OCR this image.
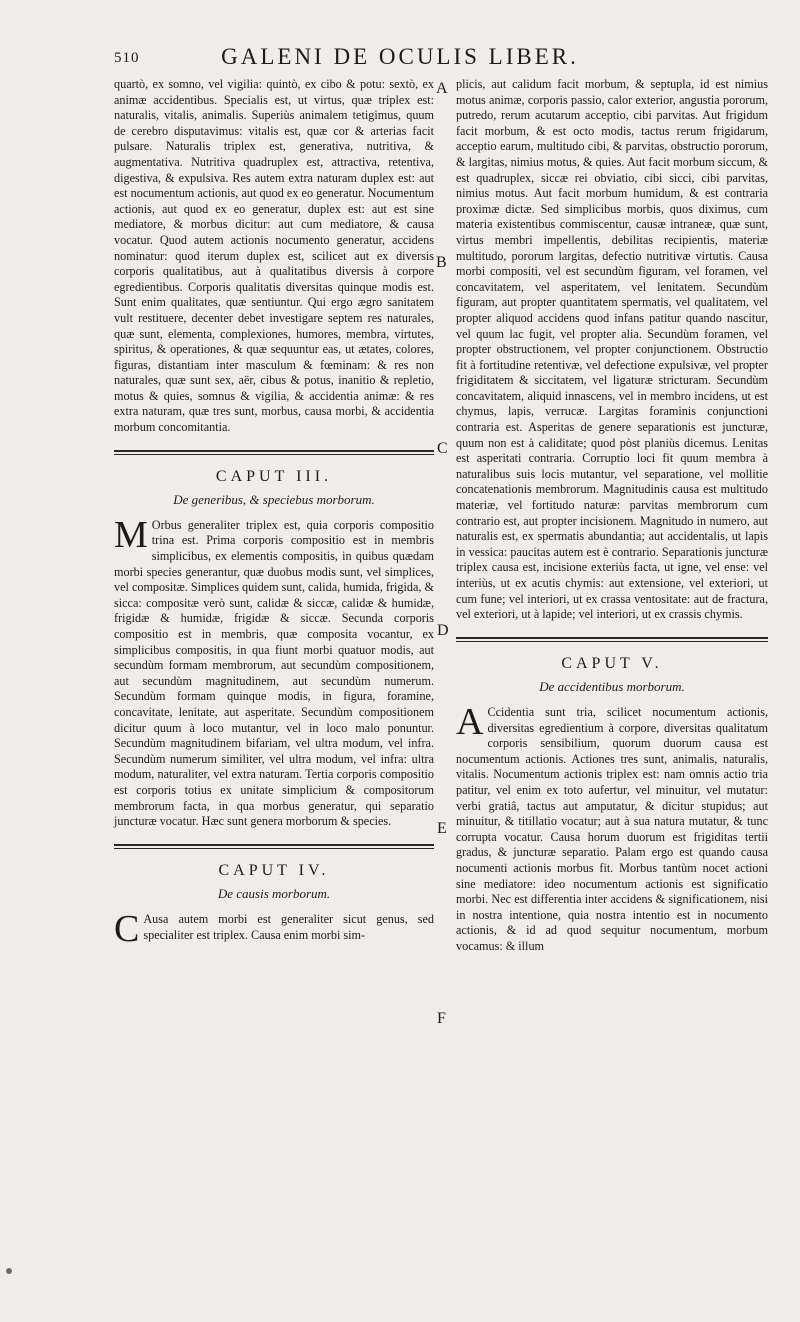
510	GALENI DE OCULIS LIBER.
A
B
C
D
E
F

quartò, ex somno, vel vigilia: quintò, ex cibo & potu: sextò, ex animæ accidentibus. Specialis est, ut virtus, quæ triplex est: naturalis, vitalis, animalis. Superiùs animalem tetigimus, quum de cerebro disputavimus: vitalis est, quæ cor & arterias facit pulsare. Naturalis triplex est, generativa, nutritiva, & augmentativa. Nutritiva quadruplex est, attractiva, retentiva, digestiva, & expulsiva. Res autem extra naturam duplex est: aut est nocumentum actionis, aut quod ex eo generatur. Nocumentum actionis, aut quod ex eo generatur, duplex est: aut est sine mediatore, & morbus dicitur: aut cum mediatore, & causa vocatur. Quod autem actionis nocumento generatur, accidens nominatur: quod iterum duplex est, scilicet aut ex diversis corporis qualitatibus, aut à qualitatibus diversis à corpore egredientibus. Corporis qualitatis diversitas quinque modis est. Sunt enim qualitates, quæ sentiuntur. Qui ergo ægro sanitatem vult restituere, decenter debet investigare septem res naturales, quæ sunt, elementa, complexiones, humores, membra, virtutes, spiritus, & operationes, & quæ sequuntur eas, ut ætates, colores, figuras, distantiam inter masculum & fœminam: & res non naturales, quæ sunt sex, aër, cibus & potus, inanitio & repletio, motus & quies, somnus & vigilia, & accidentia animæ: & res extra naturam, quæ tres sunt, morbus, causa morbi, & accidentia morbum concomitantia.

CAPUT III.
De generibus, & speciebus morborum.

M Orbus generaliter triplex est, quia corporis compositio trina est. Prima corporis compositio est in membris simplicibus, ex elementis compositis, in quibus quædam morbi species generantur, quæ duobus modis sunt, vel simplices, vel compositæ. Simplices quidem sunt, calida, humida, frigida, & sicca: compositæ verò sunt, calidæ & siccæ, calidæ & humidæ, frigidæ & humidæ, frigidæ & siccæ. Secunda corporis compositio est in membris, quæ composita vocantur, ex simplicibus compositis, in qua fiunt morbi quatuor modis, aut secundùm formam membrorum, aut secundùm compositionem, aut secundùm magnitudinem, aut secundùm numerum. Secundùm formam quinque modis, in figura, foramine, concavitate, lenitate, aut asperitate. Secundùm compositionem dicitur quum à loco mutantur, vel in loco malo ponuntur. Secundùm magnitudinem bifariam, vel ultra modum, vel infra. Secundùm numerum similiter, vel ultra modum, vel infra: ultra modum, naturaliter, vel extra naturam. Tertia corporis compositio est corporis totius ex unitate simplicium & compositorum membrorum facta, in qua morbus generatur, qui separatio juncturæ vocatur. Hæc sunt genera morborum & species.

CAPUT IV.
De causis morborum.

C Ausa autem morbi est generaliter sicut genus, sed specialiter est triplex. Causa enim morbi sim-

plicis, aut calidum facit morbum, & septupla, id est nimius motus animæ, corporis passio, calor exterior, angustia pororum, putredo, rerum acutarum acceptio, cibi parvitas. Aut frigidum facit morbum, & est octo modis, tactus rerum frigidarum, acceptio earum, multitudo cibi, & parvitas, obstructio pororum, & largitas, nimius motus, & quies. Aut facit morbum siccum, & est quadruplex, siccæ rei obviatio, cibi sicci, cibi parvitas, nimius motus. Aut facit morbum humidum, & est contraria proximæ dictæ. Sed simplicibus morbis, quos diximus, cum materia existentibus commiscentur, causæ intraneæ, quæ sunt, virtus membri impellentis, debilitas recipientis, materiæ multitudo, pororum largitas, defectio nutritivæ virtutis. Causa morbi compositi, vel est secundùm figuram, vel foramen, vel concavitatem, vel asperitatem, vel lenitatem. Secundùm figuram, aut propter quantitatem spermatis, vel qualitatem, vel propter aliquod accidens quod infans patitur quando nascitur, vel quum lac fugit, vel propter alia. Secundùm foramen, vel propter obstructionem, vel propter conjunctionem. Obstructio fit à fortitudine retentivæ, vel defectione expulsivæ, vel propter frigiditatem & siccitatem, vel ligaturæ stricturam. Secundùm concavitatem, aliquid innascens, vel in membro incidens, ut est chymus, lapis, verrucæ. Largitas foraminis conjunctioni contraria est. Asperitas de genere separationis est juncturæ, quum non est à caliditate; quod pòst planiùs dicemus. Lenitas est asperitati contraria. Corruptio loci fit quum membra à naturalibus suis locis mutantur, vel separatione, vel mollitie concatenationis membrorum. Magnitudinis causa est multitudo materiæ, vel fortitudo naturæ: parvitas membrorum cum contrario est, aut propter incisionem. Magnitudo in numero, aut naturalis est, ex spermatis abundantia; aut accidentalis, ut lapis in vessica: paucitas autem est è contrario. Separationis juncturæ triplex causa est, incisione exteriùs facta, ut igne, vel ense: vel interiùs, ut ex acutis chymis: aut extensione, vel exteriori, ut cum fune; vel interiori, ut ex crassa ventositate: aut de fractura, vel exteriori, ut à lapide; vel interiori, ut ex crassis chymis.

CAPUT V.
De accidentibus morborum.

A Ccidentia sunt tria, scilicet nocumentum actionis, diversitas egredientium à corpore, diversitas qualitatum corporis sensibilium, quorum duorum causa est nocumentum actionis. Actiones tres sunt, animalis, naturalis, vitalis. Nocumentum actionis triplex est: nam omnis actio tria patitur, vel enim ex toto aufertur, vel minuitur, vel mutatur: verbi gratiâ, tactus aut amputatur, & dicitur stupidus; aut minuitur, & titillatio vocatur; aut à sua natura mutatur, & tunc corrupta vocatur. Causa horum duorum est frigiditas tertii gradus, & juncturæ separatio. Palam ergo est quando causa nocumenti actionis morbus fit. Morbus tantùm nocet actioni sine mediatore: ideo nocumentum actionis est significatio morbi. Nec est differentia inter accidens & significationem, nisi in nostra intentione, quia nostra intentio est in nocumento actionis, & id ad quod sequitur nocumentum, morbum vocamus: & illum
